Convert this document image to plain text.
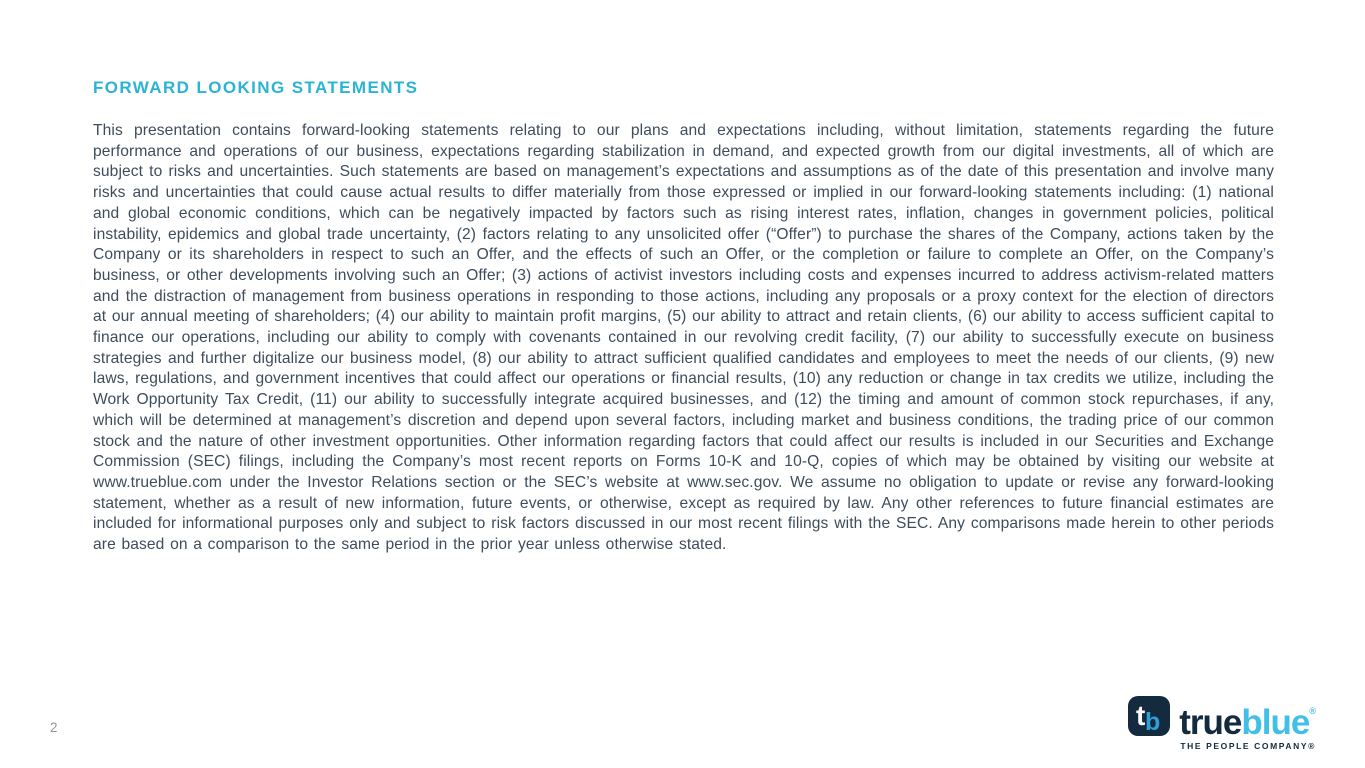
FORWARD LOOKING STATEMENTS

This presentation contains forward-looking statements relating to our plans and expectations including, without limitation, statements regarding the future performance and operations of our business, expectations regarding stabilization in demand, and expected growth from our digital investments, all of which are subject to risks and uncertainties. Such statements are based on management’s expectations and assumptions as of the date of this presentation and involve many risks and uncertainties that could cause actual results to differ materially from those expressed or implied in our forward-looking statements including: (1) national and global economic conditions, which can be negatively impacted by factors such as rising interest rates, inflation, changes in government policies, political instability, epidemics and global trade uncertainty, (2) factors relating to any unsolicited offer (“Offer”) to purchase the shares of the Company, actions taken by the Company or its shareholders in respect to such an Offer, and the effects of such an Offer, or the completion or failure to complete an Offer, on the Company’s business, or other developments involving such an Offer; (3) actions of activist investors including costs and expenses incurred to address activism-related matters and the distraction of management from business operations in responding to those actions, including any proposals or a proxy context for the election of directors at our annual meeting of shareholders; (4) our ability to maintain profit margins, (5) our ability to attract and retain clients, (6) our ability to access sufficient capital to finance our operations, including our ability to comply with covenants contained in our revolving credit facility, (7) our ability to successfully execute on business strategies and further digitalize our business model, (8) our ability to attract sufficient qualified candidates and employees to meet the needs of our clients, (9) new laws, regulations, and government incentives that could affect our operations or financial results, (10) any reduction or change in tax credits we utilize, including the Work Opportunity Tax Credit, (11) our ability to successfully integrate acquired businesses, and (12) the timing and amount of common stock repurchases, if any, which will be determined at management’s discretion and depend upon several factors, including market and business conditions, the trading price of our common stock and the nature of other investment opportunities. Other information regarding factors that could affect our results is included in our Securities and Exchange Commission (SEC) filings, including the Company’s most recent reports on Forms 10-K and 10-Q, copies of which may be obtained by visiting our website at www.trueblue.com under the Investor Relations section or the SEC’s website at www.sec.gov. We assume no obligation to update or revise any forward-looking statement, whether as a result of new information, future events, or otherwise, except as required by law. Any other references to future financial estimates are included for informational purposes only and subject to risk factors discussed in our most recent filings with the SEC. Any comparisons made herein to other periods are based on a comparison to the same period in the prior year unless otherwise stated.

2	t b trueblue®
THE PEOPLE COMPANY®
